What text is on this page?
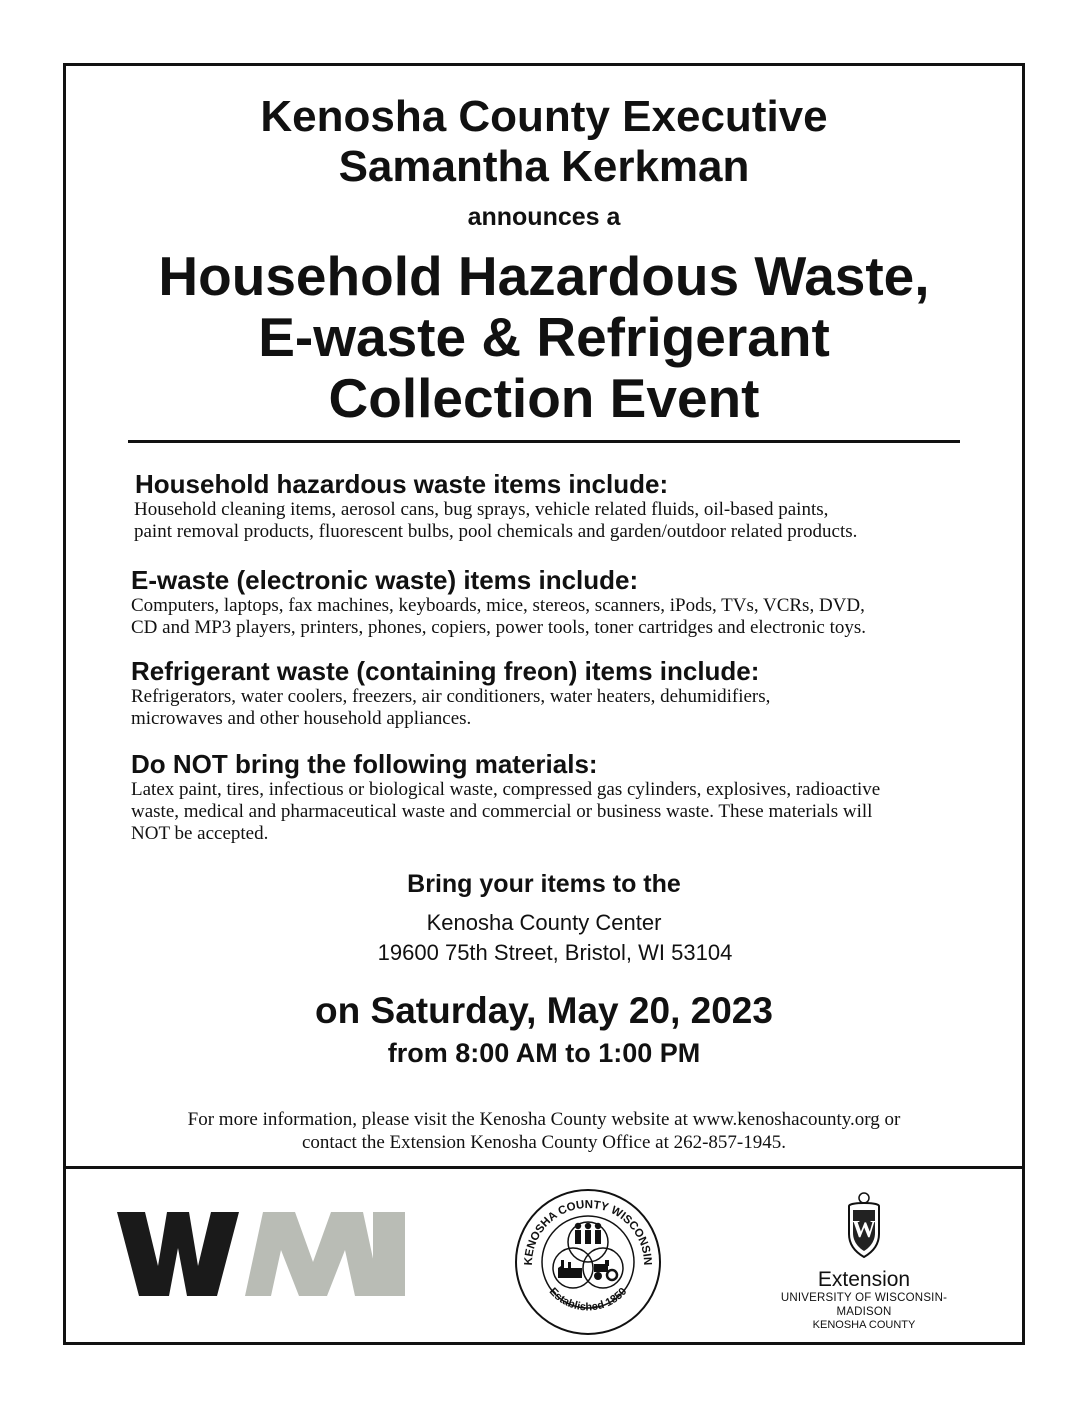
Kenosha County Executive
Samantha Kerkman
announces a
Household Hazardous Waste,
E-waste & Refrigerant
Collection Event
Household hazardous waste items include:

Household cleaning items, aerosol cans, bug sprays, vehicle related fluids, oil-based paints,
paint removal products, fluorescent bulbs, pool chemicals and garden/outdoor related products.

E-waste (electronic waste) items include:

Computers, laptops, fax machines, keyboards, mice, stereos, scanners, iPods, TVs, VCRs, DVD,
CD and MP3 players, printers, phones, copiers, power tools, toner cartridges and electronic toys.

Refrigerant waste (containing freon) items include:

Refrigerators, water coolers, freezers, air conditioners, water heaters, dehumidifiers,
microwaves and other household appliances.

Do NOT bring the following materials:

Latex paint, tires, infectious or biological waste, compressed gas cylinders, explosives, radioactive
waste, medical and pharmaceutical waste and commercial or business waste. These materials will
NOT be accepted.

Bring your items to the
Kenosha County Center
19600 75th Street, Bristol, WI 53104
on Saturday, May 20, 2023
from 8:00 AM to 1:00 PM
For more information, please visit the Kenosha County website at www.kenoshacounty.org or
contact the Extension Kenosha County Office at 262-857-1945.
KENOSHA COUNTY WISCONSIN
Established 1850
W
Extension
UNIVERSITY OF WISCONSIN-MADISON
KENOSHA COUNTY
